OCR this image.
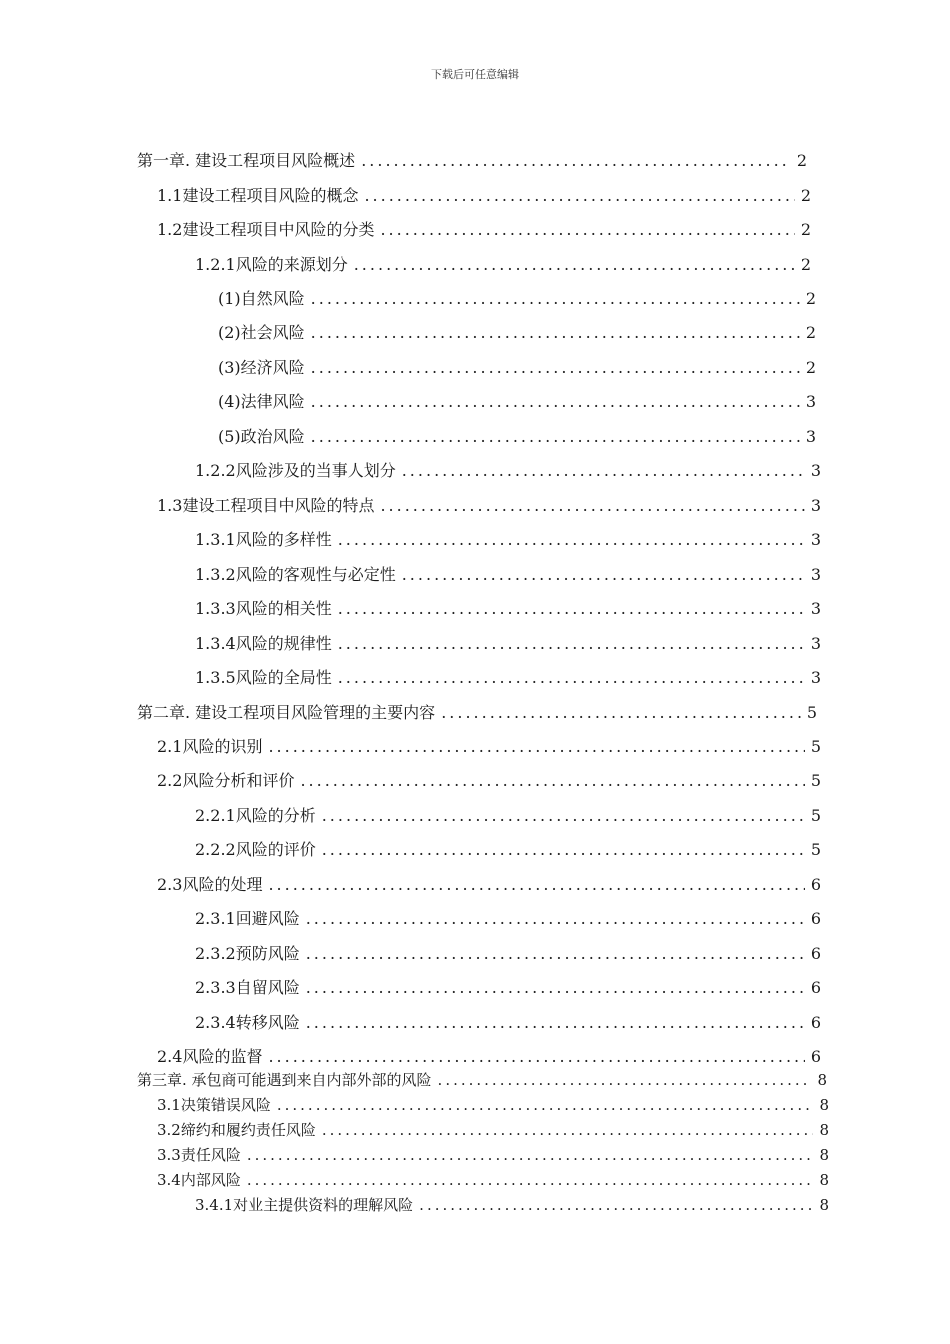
下载后可任意编辑
第一章. 建设工程项目风险概述 .....	2
1.1建设工程项目风险的概念 .....	2
1.2建设工程项目中风险的分类 .....	2
1.2.1风险的来源划分 .....	2
(1)自然风险 .....	2
(2)社会风险 .....	2
(3)经济风险 .....	2
(4)法律风险 .....	3
(5)政治风险 .....	3
1.2.2风险涉及的当事人划分 .....	3
1.3建设工程项目中风险的特点 .....	3
1.3.1风险的多样性 .....	3
1.3.2风险的客观性与必定性 .....	3
1.3.3风险的相关性 .....	3
1.3.4风险的规律性 .....	3
1.3.5风险的全局性 .....	3
第二章. 建设工程项目风险管理的主要内容 .....	5
2.1风险的识别 .....	5
2.2风险分析和评价 .....	5
2.2.1风险的分析 .....	5
2.2.2风险的评价 .....	5
2.3风险的处理 .....	6
2.3.1回避风险 .....	6
2.3.2预防风险 .....	6
2.3.3自留风险 .....	6
2.3.4转移风险 .....	6
2.4风险的监督 .....	6
第三章. 承包商可能遇到来自内部外部的风险 .....	8
3.1决策错误风险 .....	8
3.2缔约和履约责任风险 .....	8
3.3责任风险 .....	8
3.4内部风险 .....	8
3.4.1对业主提供资料的理解风险 .....	8
